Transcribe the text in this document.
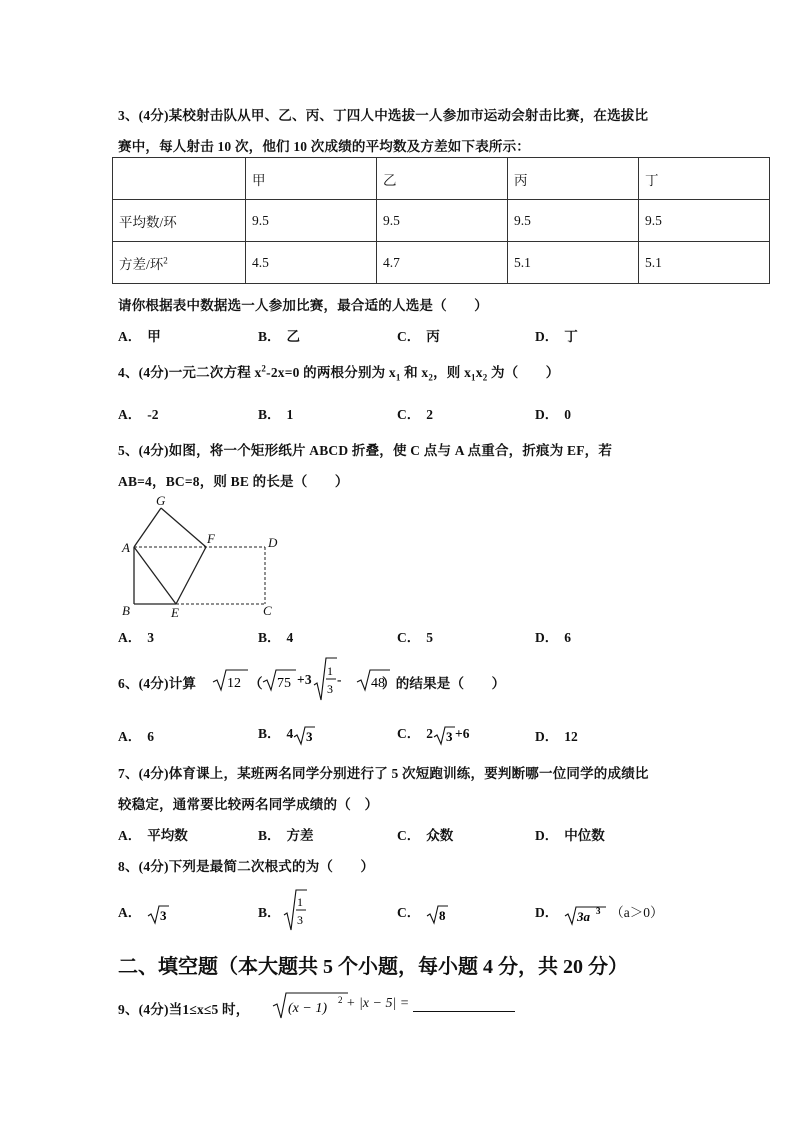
3、(4分)某校射击队从甲、乙、丙、丁四人中选拔一人参加市运动会射击比赛，在选拔比
赛中，每人射击 10 次，他们 10 次成绩的平均数及方差如下表所示：
	甲	乙	丙	丁
平均数/环	9.5	9.5	9.5	9.5
方差/环$^2$	4.5	4.7	5.1	5.1
请你根据表中数据选一人参加比赛，最合适的人选是（　　）
A． 甲	B． 乙	C． 丙	D． 丁
4、(4分)一元二次方程 $x^2-2x=0$ 的两根分别为 $x_1$ 和 $x_2$，则 $x_1x_2$ 为（　　）
A． -2	B． 1	C． 2	D． 0
5、(4分)如图，将一个矩形纸片 ABCD 折叠，使 C 点与 A 点重合，折痕为 EF，若
AB=4，BC=8，则 BE 的长是（　　）
G
A
F	D
B	E	C
A． 3	B． 4	C． 5	D． 6
6、(4分)计算 12 （ 75 +3
1
3
- 48
）的结果是（　　）
A． 6	B． 4 3	C． 2 3 +6	D． 12
7、(4分)体育课上，某班两名同学分别进行了 5 次短跑训练，要判断哪一位同学的成绩比
较稳定，通常要比较两名同学成绩的（　）
A． 平均数	B． 方差	C． 众数	D． 中位数
8、(4分)下列是最简二次根式的为（　　）
A． 3	B．
1
3	C． 8	D． 3a 3 （a＞0）
二、填空题（本大题共 5 个小题，每小题 4 分，共 20 分）
9、(4分)当1≤x≤5 时，	(x − 1)
2 + |x − 5| =
